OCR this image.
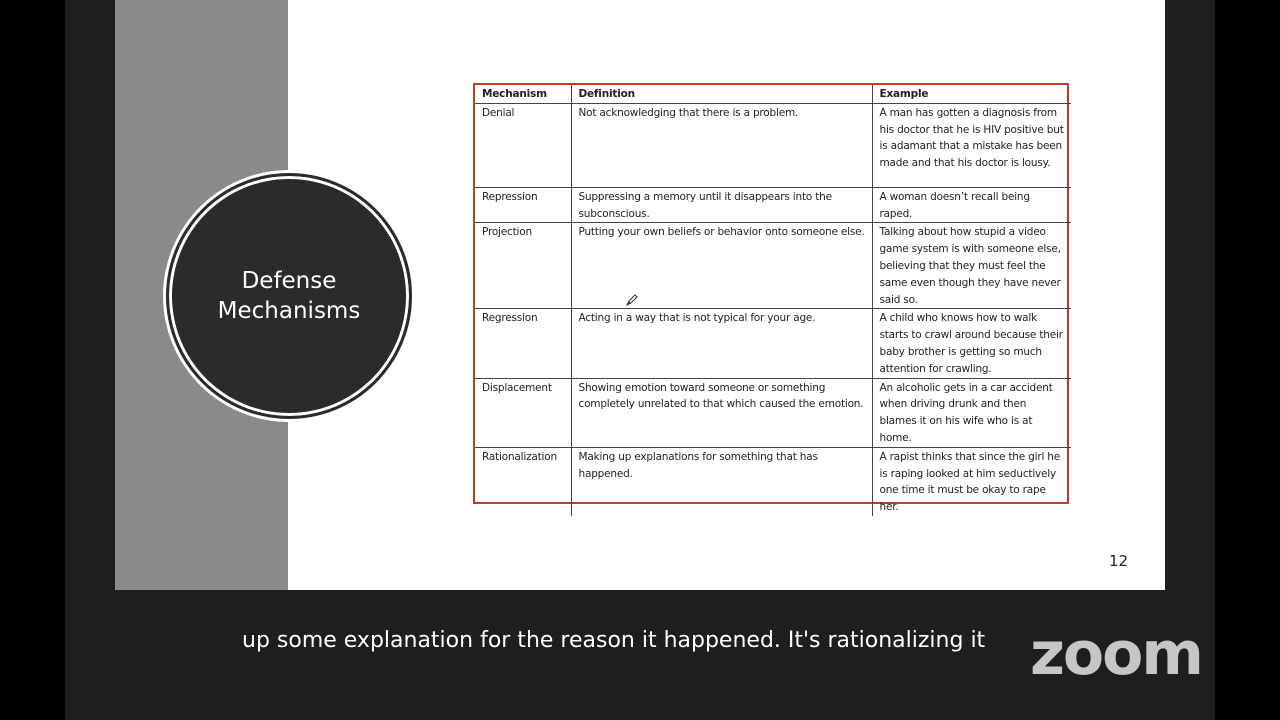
Defense
Mechanisms
Mechanism	Definition	Example
Denial	Not acknowledging that there is a problem.	A man has gotten a diagnosis from his doctor that he is HIV positive but is adamant that a mistake has been made and that his doctor is lousy.
Repression	Suppressing a memory until it disappears into the subconscious.	A woman doesn’t recall being raped.
Projection	Putting your own beliefs or behavior onto someone else.	Talking about how stupid a video game system is with someone else, believing that they must feel the same even though they have never said so.
Regression	Acting in a way that is not typical for your age.	A child who knows how to walk starts to crawl around because their baby brother is getting so much attention for crawling.
Displacement	Showing emotion toward someone or something completely unrelated to that which caused the emotion.	An alcoholic gets in a car accident when driving drunk and then blames it on his wife who is at home.
Rationalization	Making up explanations for something that has happened.	A rapist thinks that since the girl he is raping looked at him seductively one time it must be okay to rape her.
12
up some explanation for the reason it happened. It's rationalizing it zoom
